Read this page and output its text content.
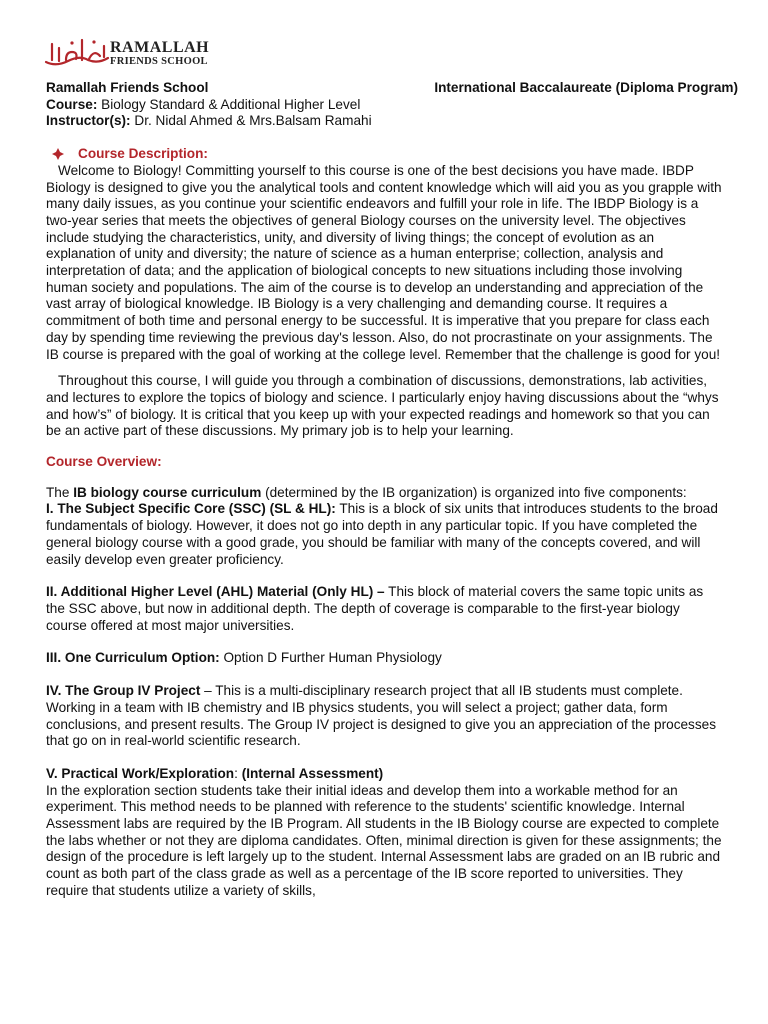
RAMALLAH
FRIENDS SCHOOL
Ramallah Friends School	International Baccalaureate (Diploma Program)

Course: Biology Standard & Additional Higher Level

Instructor(s): Dr. Nidal Ahmed & Mrs.Balsam Ramahi

Course Description:

Welcome to Biology! Committing yourself to this course is one of the best decisions you have made. IBDP Biology is designed to give you the analytical tools and content knowledge which will aid you as you grapple with many daily issues, as you continue your scientific endeavors and fulfill your role in life. The IBDP Biology is a two-year series that meets the objectives of general Biology courses on the university level. The objectives include studying the characteristics, unity, and diversity of living things; the concept of evolution as an explanation of unity and diversity; the nature of science as a human enterprise; collection, analysis and interpretation of data; and the application of biological concepts to new situations including those involving human society and populations. The aim of the course is to develop an understanding and appreciation of the vast array of biological knowledge. IB Biology is a very challenging and demanding course. It requires a commitment of both time and personal energy to be successful. It is imperative that you prepare for class each day by spending time reviewing the previous day's lesson. Also, do not procrastinate on your assignments. The IB course is prepared with the goal of working at the college level. Remember that the challenge is good for you!

Throughout this course, I will guide you through a combination of discussions, demonstrations, lab activities, and lectures to explore the topics of biology and science. I particularly enjoy having discussions about the “whys and how’s” of biology. It is critical that you keep up with your expected readings and homework so that you can be an active part of these discussions. My primary job is to help your learning.

Course Overview:

The IB biology course curriculum (determined by the IB organization) is organized into five components:

I. The Subject Specific Core (SSC) (SL & HL): This is a block of six units that introduces students to the broad fundamentals of biology. However, it does not go into depth in any particular topic. If you have completed the general biology course with a good grade, you should be familiar with many of the concepts covered, and will easily develop even greater proficiency.

II. Additional Higher Level (AHL) Material (Only HL) – This block of material covers the same topic units as the SSC above, but now in additional depth. The depth of coverage is comparable to the first-year biology course offered at most major universities.

III. One Curriculum Option: Option D Further Human Physiology

IV. The Group IV Project – This is a multi-disciplinary research project that all IB students must complete. Working in a team with IB chemistry and IB physics students, you will select a project; gather data, form conclusions, and present results. The Group IV project is designed to give you an appreciation of the processes that go on in real-world scientific research.

V. Practical Work/Exploration: (Internal Assessment)

In the exploration section students take their initial ideas and develop them into a workable method for an experiment. This method needs to be planned with reference to the students' scientific knowledge. Internal Assessment labs are required by the IB Program. All students in the IB Biology course are expected to complete the labs whether or not they are diploma candidates. Often, minimal direction is given for these assignments; the design of the procedure is left largely up to the student. Internal Assessment labs are graded on an IB rubric and count as both part of the class grade as well as a percentage of the IB score reported to universities. They require that students utilize a variety of skills,
